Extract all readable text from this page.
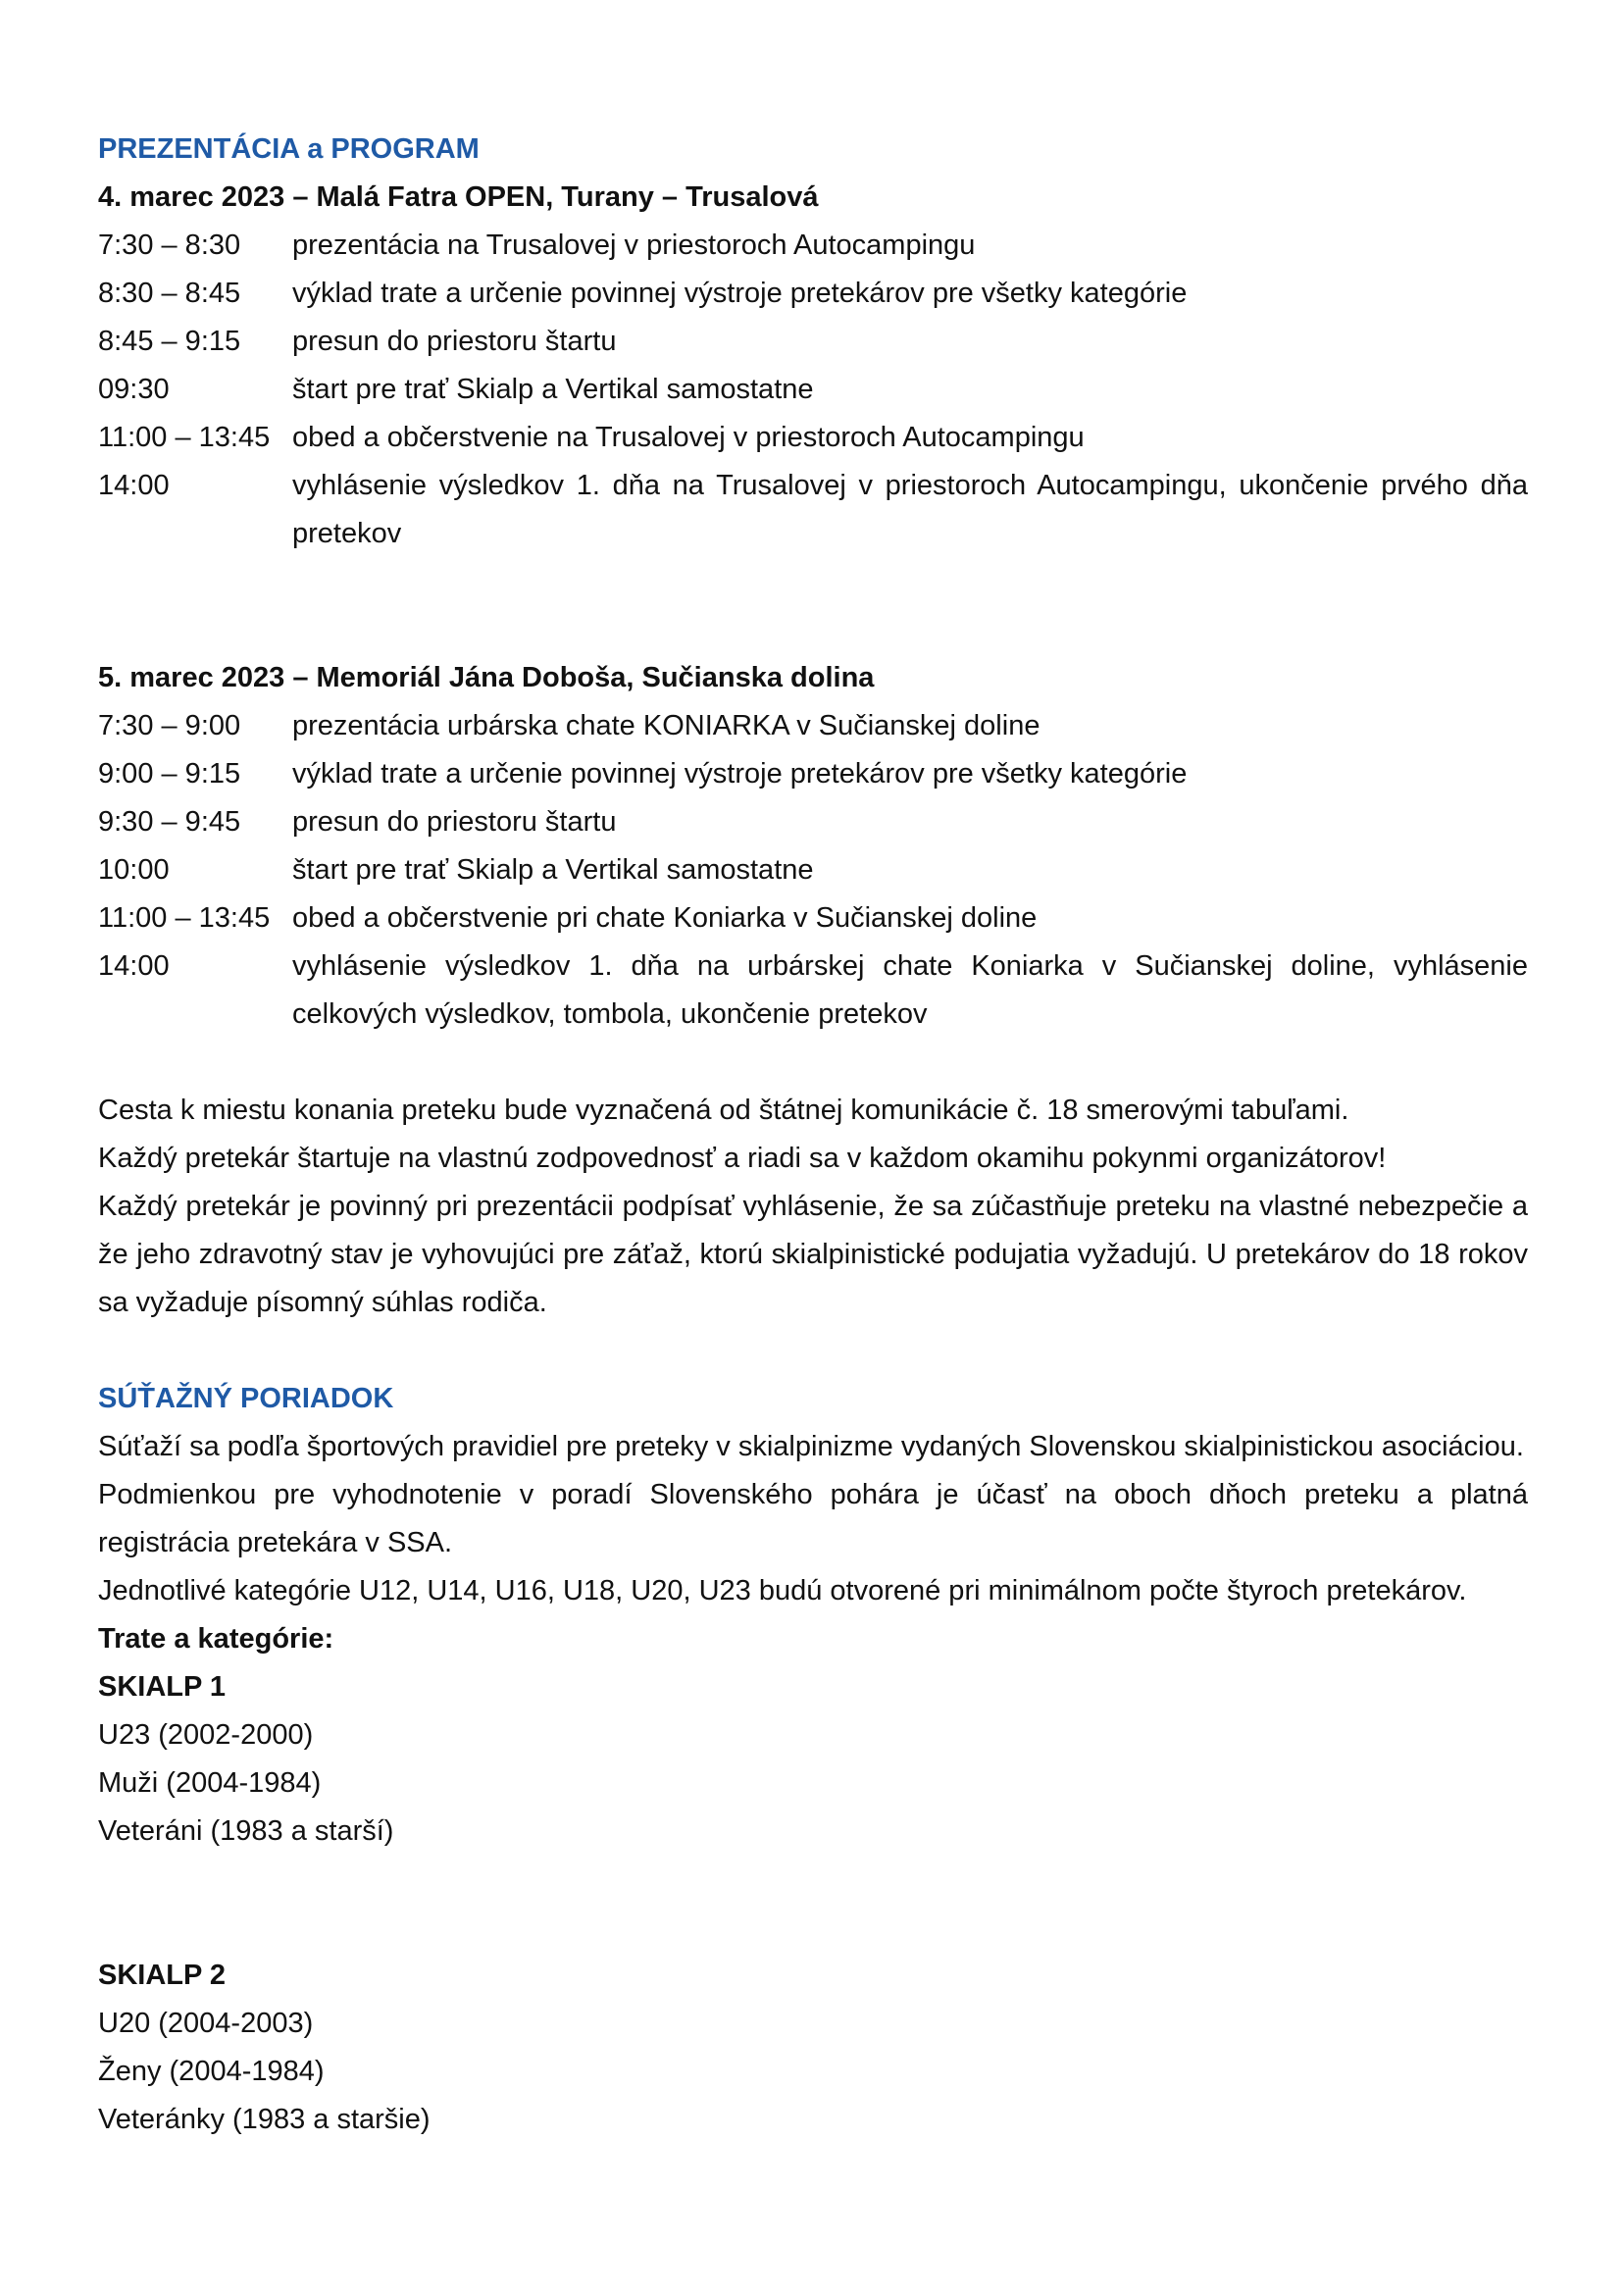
PREZENTÁCIA a PROGRAM
4. marec 2023 – Malá Fatra OPEN, Turany – Trusalová
7:30 – 8:30	prezentácia na Trusalovej v priestoroch Autocampingu
8:30 – 8:45	výklad trate a určenie povinnej výstroje pretekárov pre všetky kategórie
8:45 – 9:15	presun do priestoru štartu
09:30	štart pre trať Skialp a Vertikal samostatne
11:00 – 13:45 obed a občerstvenie na Trusalovej v priestoroch Autocampingu
14:00	vyhlásenie výsledkov 1. dňa na Trusalovej v priestoroch Autocampingu, ukončenie prvého dňa pretekov
5. marec 2023 – Memoriál Jána Doboša, Sučianska dolina
7:30 – 9:00	prezentácia urbárska chate KONIARKA v Sučianskej doline
9:00 – 9:15	výklad trate a určenie povinnej výstroje pretekárov pre všetky kategórie
9:30 – 9:45	presun do priestoru štartu
10:00	štart pre trať Skialp a Vertikal samostatne
11:00 – 13:45 obed a občerstvenie pri chate Koniarka v Sučianskej doline
14:00	vyhlásenie výsledkov 1. dňa na urbárskej chate Koniarka v Sučianskej doline, vyhlásenie celkových výsledkov, tombola, ukončenie pretekov
Cesta k miestu konania preteku bude vyznačená od štátnej komunikácie č. 18 smerovými tabuľami.
Každý pretekár štartuje na vlastnú zodpovednosť a riadi sa v každom okamihu pokynmi organizátorov!
Každý pretekár je povinný pri prezentácii podpísať vyhlásenie, že sa zúčastňuje preteku na vlastné nebezpečie a že jeho zdravotný stav je vyhovujúci pre záťaž, ktorú skialpinistické podujatia vyžadujú. U pretekárov do 18 rokov sa vyžaduje písomný súhlas rodiča.
SÚŤAŽNÝ PORIADOK
Súťaží sa podľa športových pravidiel pre preteky v skialpinizme vydaných Slovenskou skialpinistickou asociáciou.
Podmienkou pre vyhodnotenie v poradí Slovenského pohára je účasť na oboch dňoch preteku a platná registrácia pretekára v SSA.
Jednotlivé kategórie U12, U14, U16, U18, U20, U23 budú otvorené pri minimálnom počte štyroch pretekárov.
Trate a kategórie:
SKIALP 1
U23 (2002-2000)
Muži (2004-1984)
Veteráni (1983 a starší)
SKIALP 2
U20 (2004-2003)
Ženy (2004-1984)
Veteránky (1983 a staršie)
